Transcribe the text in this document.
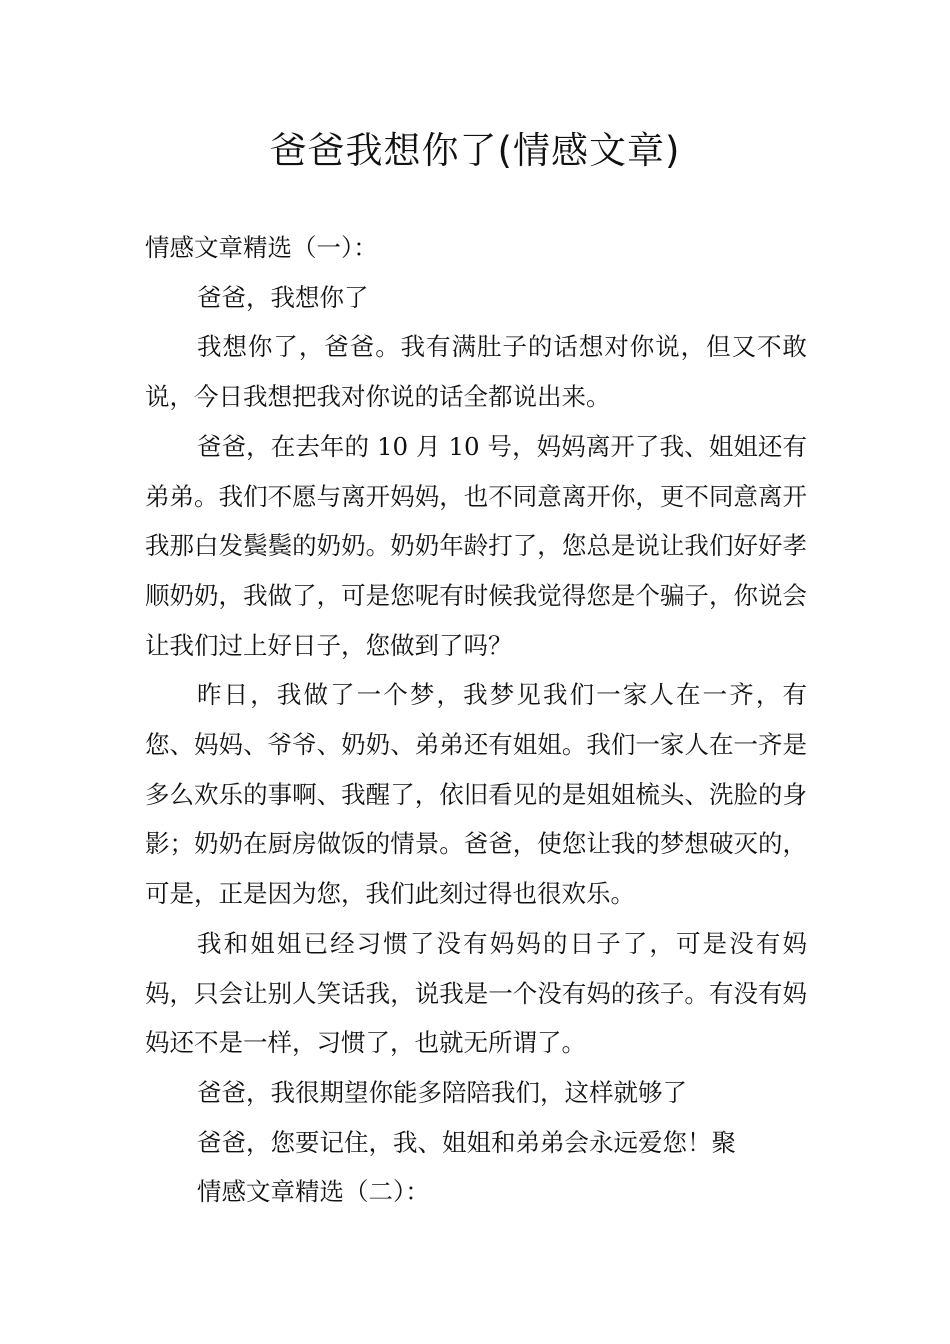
爸爸我想你了(情感文章)

情感文章精选（一）：

爸爸，我想你了

我想你了，爸爸。我有满肚子的话想对你说，但又不敢说，今日我想把我对你说的话全都说出来。

爸爸，在去年的 10 月 10 号，妈妈离开了我、姐姐还有弟弟。我们不愿与离开妈妈，也不同意离开你，更不同意离开我那白发鬓鬓的奶奶。奶奶年龄打了，您总是说让我们好好孝顺奶奶，我做了，可是您呢有时候我觉得您是个骗子，你说会让我们过上好日子，您做到了吗？

昨日，我做了一个梦，我梦见我们一家人在一齐，有您、妈妈、爷爷、奶奶、弟弟还有姐姐。我们一家人在一齐是多么欢乐的事啊、我醒了，依旧看见的是姐姐梳头、洗脸的身影；奶奶在厨房做饭的情景。爸爸，使您让我的梦想破灭的，可是，正是因为您，我们此刻过得也很欢乐。

我和姐姐已经习惯了没有妈妈的日子了，可是没有妈妈，只会让别人笑话我，说我是一个没有妈的孩子。有没有妈妈还不是一样，习惯了，也就无所谓了。

爸爸，我很期望你能多陪陪我们，这样就够了

爸爸，您要记住，我、姐姐和弟弟会永远爱您！聚

情感文章精选（二）：
